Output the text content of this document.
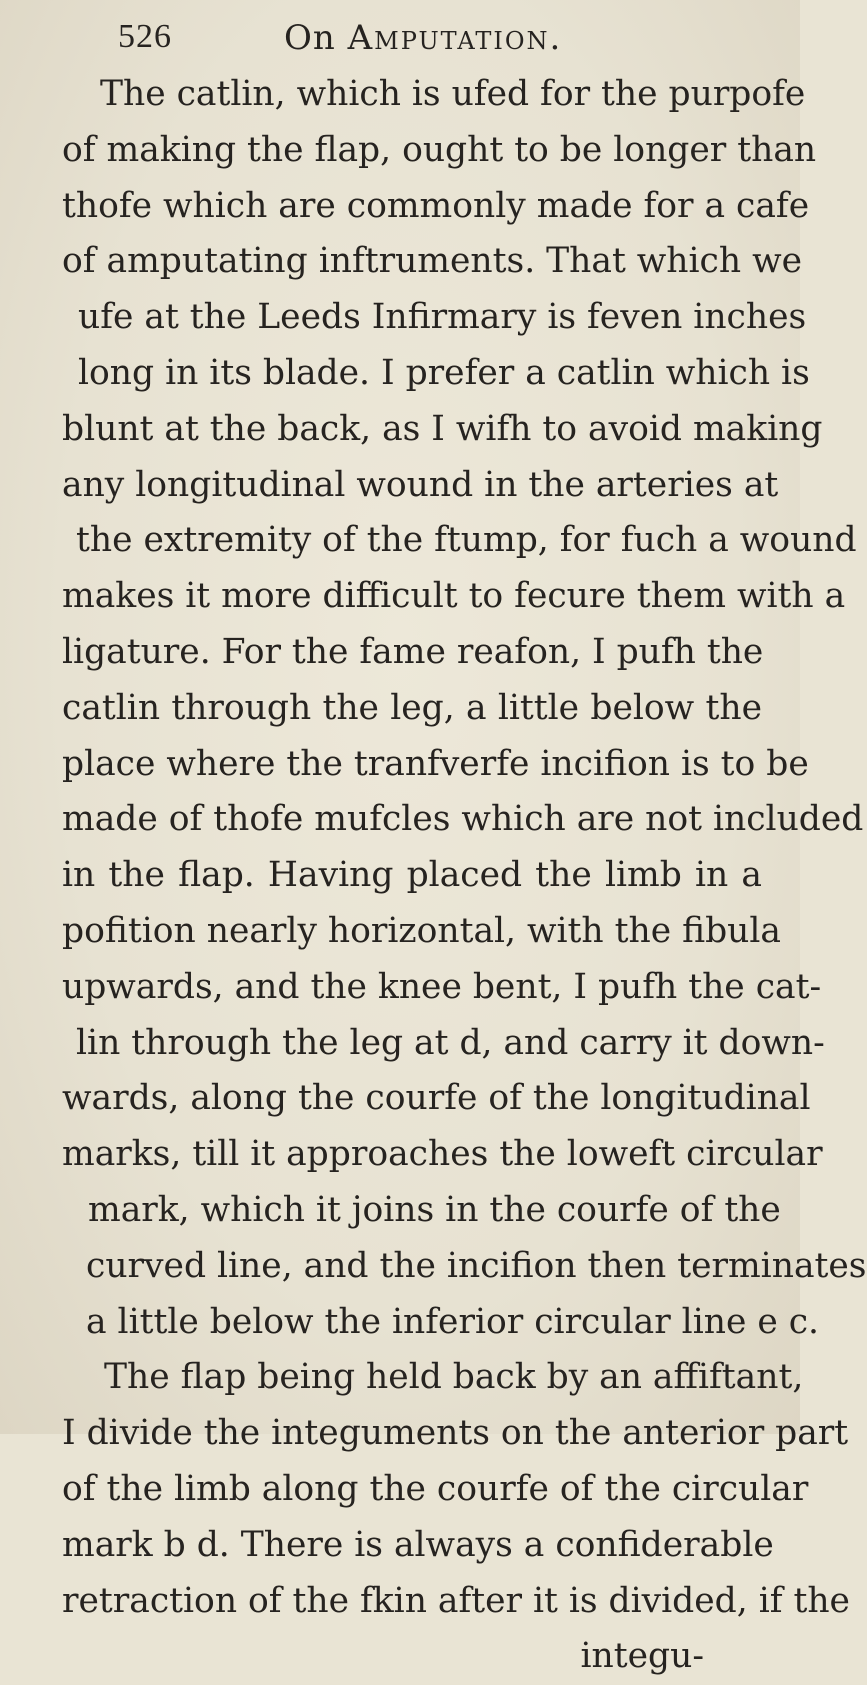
526	On Amputation.
The catlin, which is ufed for the purpofe
of making the flap, ought to be longer than
thofe which are commonly made for a cafe
of amputating inftruments. That which we
ufe at the Leeds Infirmary is feven inches
long in its blade. I prefer a catlin which is
blunt at the back, as I wifh to avoid making
any longitudinal wound in the arteries at
the extremity of the ftump, for fuch a wound
makes it more difficult to fecure them with a
ligature. For the fame reafon, I pufh the
catlin through the leg, a little below the
place where the tranfverfe incifion is to be
made of thofe mufcles which are not included
in the flap. Having placed the limb in a
pofition nearly horizontal, with the fibula
upwards, and the knee bent, I pufh the cat-
lin through the leg at d, and carry it down-
wards, along the courfe of the longitudinal
marks, till it approaches the loweft circular
mark, which it joins in the courfe of the
curved line, and the incifion then terminates
a little below the inferior circular line e c.
The flap being held back by an affiftant,
I divide the integuments on the anterior part
of the limb along the courfe of the circular
mark b d. There is always a confiderable
retraction of the fkin after it is divided, if the
integu-
